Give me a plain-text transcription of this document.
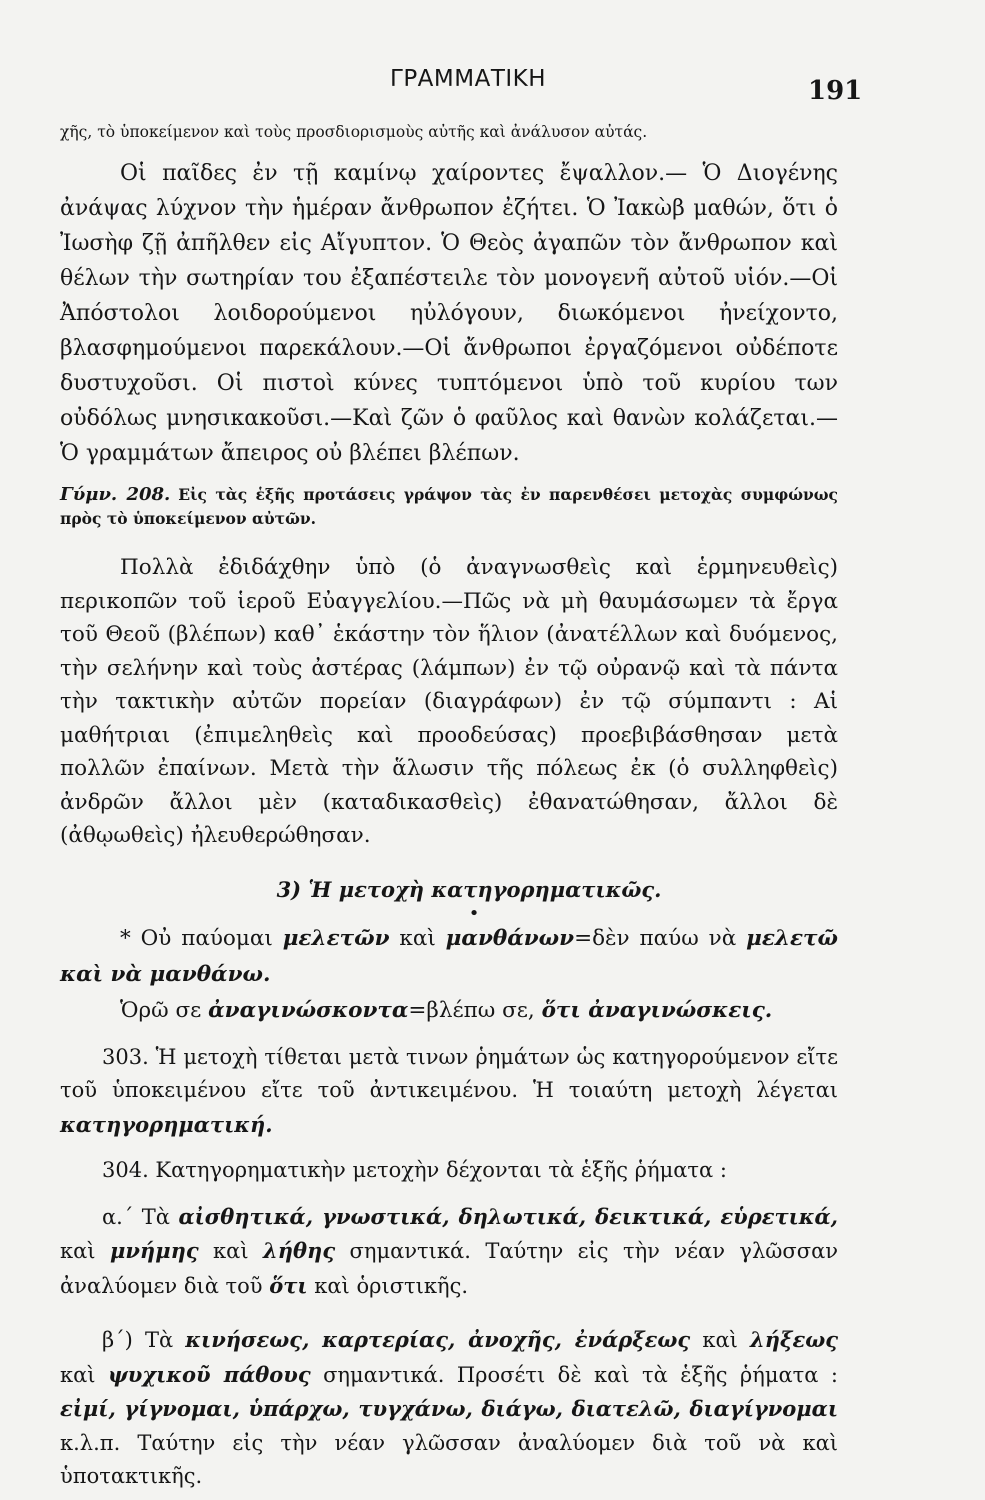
ΓΡΑΜΜΑΤΙΚΗ	191

χῆς, τὸ ὑποκείμενον καὶ τοὺς προσδιορισμοὺς αὐτῆς καὶ ἀνάλυσον αὐτάς.

Οἱ παῖδες ἐν τῇ καμίνῳ χαίροντες ἔψαλλον.— Ὁ Διογένης ἀνάψας λύχνον τὴν ἡμέραν ἄνθρωπον ἐζήτει. Ὁ Ἰακὼβ μαθών, ὅτι ὁ Ἰωσὴφ ζῇ ἀπῆλθεν εἰς Αἴγυπτον. Ὁ Θεὸς ἀγαπῶν τὸν ἄνθρωπον καὶ θέλων τὴν σωτηρίαν του ἐξαπέστειλε τὸν μονογενῆ αὐτοῦ υἱόν.—Οἱ Ἀπόστολοι λοιδορούμενοι ηὐλόγουν, διωκόμενοι ἠνείχοντο, βλασφημούμενοι παρεκάλουν.—Οἱ ἄνθρωποι ἐργαζόμενοι οὐδέποτε δυστυχοῦσι. Οἱ πιστοὶ κύνες τυπτόμενοι ὑπὸ τοῦ κυρίου των οὐδόλως μνησικακοῦσι.—Καὶ ζῶν ὁ φαῦλος καὶ θανὼν κολάζεται.—Ὁ γραμμάτων ἄπειρος οὐ βλέπει βλέπων.

Γύμν. 208. Εἰς τὰς ἑξῆς προτάσεις γράψον τὰς ἐν παρενθέσει μετοχὰς συμφώνως πρὸς τὸ ὑποκείμενον αὐτῶν.

Πολλὰ ἐδιδάχθην ὑπὸ (ὁ ἀναγνωσθεὶς καὶ ἑρμηνευθεὶς) περικοπῶν τοῦ ἱεροῦ Εὐαγγελίου.—Πῶς νὰ μὴ θαυμάσωμεν τὰ ἔργα τοῦ Θεοῦ (βλέπων) καθ᾽ ἑκάστην τὸν ἥλιον (ἀνατέλλων καὶ δυόμενος, τὴν σελήνην καὶ τοὺς ἀστέρας (λάμπων) ἐν τῷ οὐρανῷ καὶ τὰ πάντα τὴν τακτικὴν αὐτῶν πορείαν (διαγράφων) ἐν τῷ σύμπαντι : Αἱ μαθήτριαι (ἐπιμεληθεὶς καὶ προοδεύσας) προεβιβάσθησαν μετὰ πολλῶν ἐπαίνων. Μετὰ τὴν ἅλωσιν τῆς πόλεως ἐκ (ὁ συλληφθεὶς) ἀνδρῶν ἄλλοι μὲν (καταδικασθεὶς) ἐθανατώθησαν, ἄλλοι δὲ (ἀθῳωθεὶς) ἠλευθερώθησαν.

3) Ἡ μετοχὴ κατηγορηματικῶς.

•

* Οὐ παύομαι μελετῶν καὶ μανθάνων=δὲν παύω νὰ μελετῶ καὶ νὰ μανθάνω.

Ὁρῶ σε ἀναγινώσκοντα=βλέπω σε, ὅτι ἀναγινώσκεις.

303. Ἡ μετοχὴ τίθεται μετὰ τινων ῥημάτων ὡς κατηγορούμενον εἴτε τοῦ ὑποκειμένου εἴτε τοῦ ἀντικειμένου. Ἡ τοιαύτη μετοχὴ λέγεται κατηγορηματική.

304. Κατηγορηματικὴν μετοχὴν δέχονται τὰ ἑξῆς ῥήματα :

α.΄ Τὰ αἰσθητικά, γνωστικά, δηλωτικά, δεικτικά, εὑρετικά, καὶ μνήμης καὶ λήθης σημαντικά. Ταύτην εἰς τὴν νέαν γλῶσσαν ἀναλύομεν διὰ τοῦ ὅτι καὶ ὁριστικῆς.

β΄) Τὰ κινήσεως, καρτερίας, ἀνοχῆς, ἐνάρξεως καὶ λήξεως καὶ ψυχικοῦ πάθους σημαντικά. Προσέτι δὲ καὶ τὰ ἑξῆς ῥήματα : εἰμί, γίγνομαι, ὑπάρχω, τυγχάνω, διάγω, διατελῶ, διαγίγνομαι κ.λ.π. Ταύτην εἰς τὴν νέαν γλῶσσαν ἀναλύομεν διὰ τοῦ νὰ καὶ ὑποτακτικῆς.
